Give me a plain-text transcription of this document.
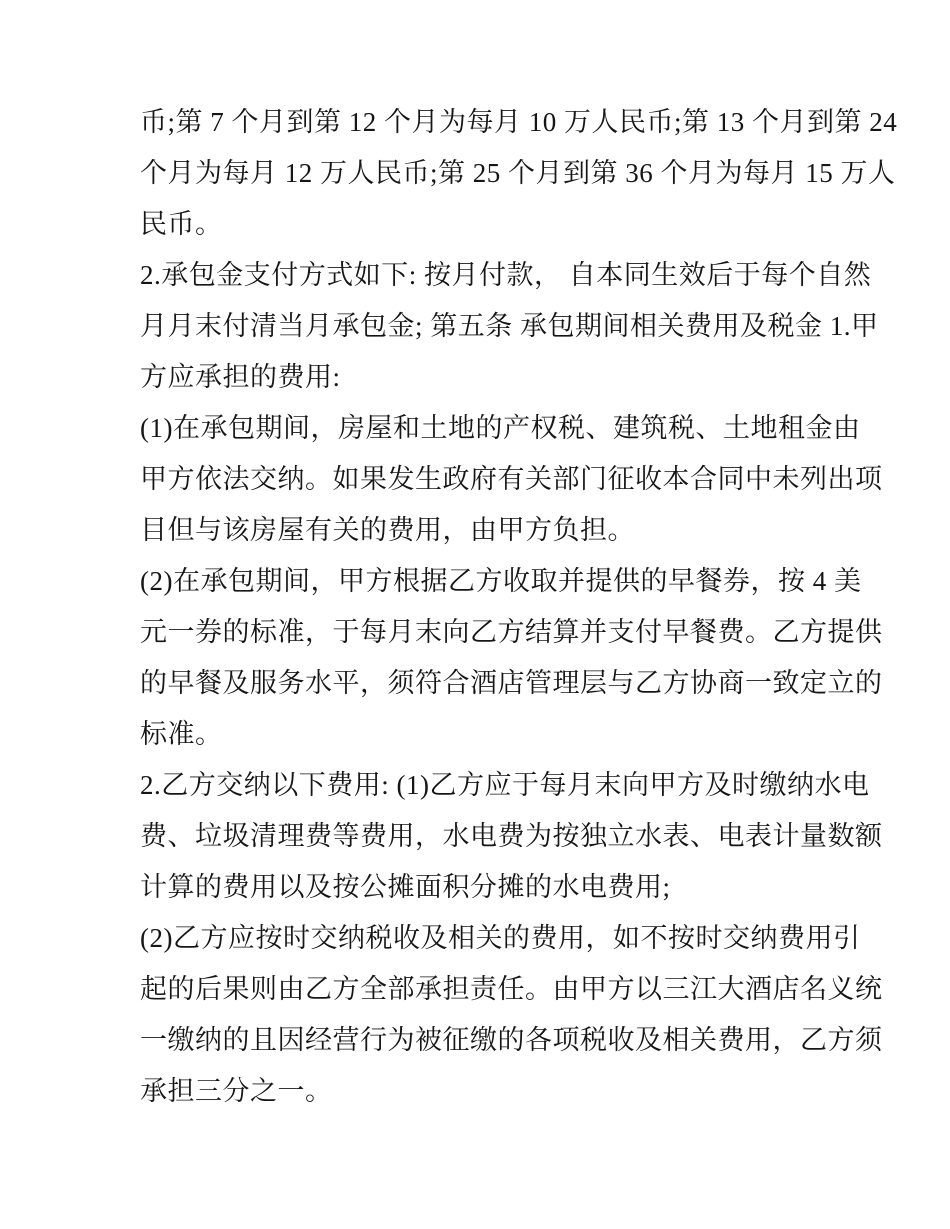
币;第 7 个月到第 12 个月为每月 10 万人民币;第 13 个月到第 24
个月为每月 12 万人民币;第 25 个月到第 36 个月为每月 15 万人
民币。
2.承包金支付方式如下: 按月付款， 自本同生效后于每个自然
月月末付清当月承包金; 第五条 承包期间相关费用及税金 1.甲
方应承担的费用:
(1)在承包期间，房屋和土地的产权税、建筑税、土地租金由
甲方依法交纳。如果发生政府有关部门征收本合同中未列出项
目但与该房屋有关的费用，由甲方负担。
(2)在承包期间，甲方根据乙方收取并提供的早餐券，按 4 美
元一券的标准，于每月末向乙方结算并支付早餐费。乙方提供
的早餐及服务水平，须符合酒店管理层与乙方协商一致定立的
标准。
2.乙方交纳以下费用: (1)乙方应于每月末向甲方及时缴纳水电
费、垃圾清理费等费用，水电费为按独立水表、电表计量数额
计算的费用以及按公摊面积分摊的水电费用;
(2)乙方应按时交纳税收及相关的费用，如不按时交纳费用引
起的后果则由乙方全部承担责任。由甲方以三江大酒店名义统
一缴纳的且因经营行为被征缴的各项税收及相关费用，乙方须
承担三分之一。
